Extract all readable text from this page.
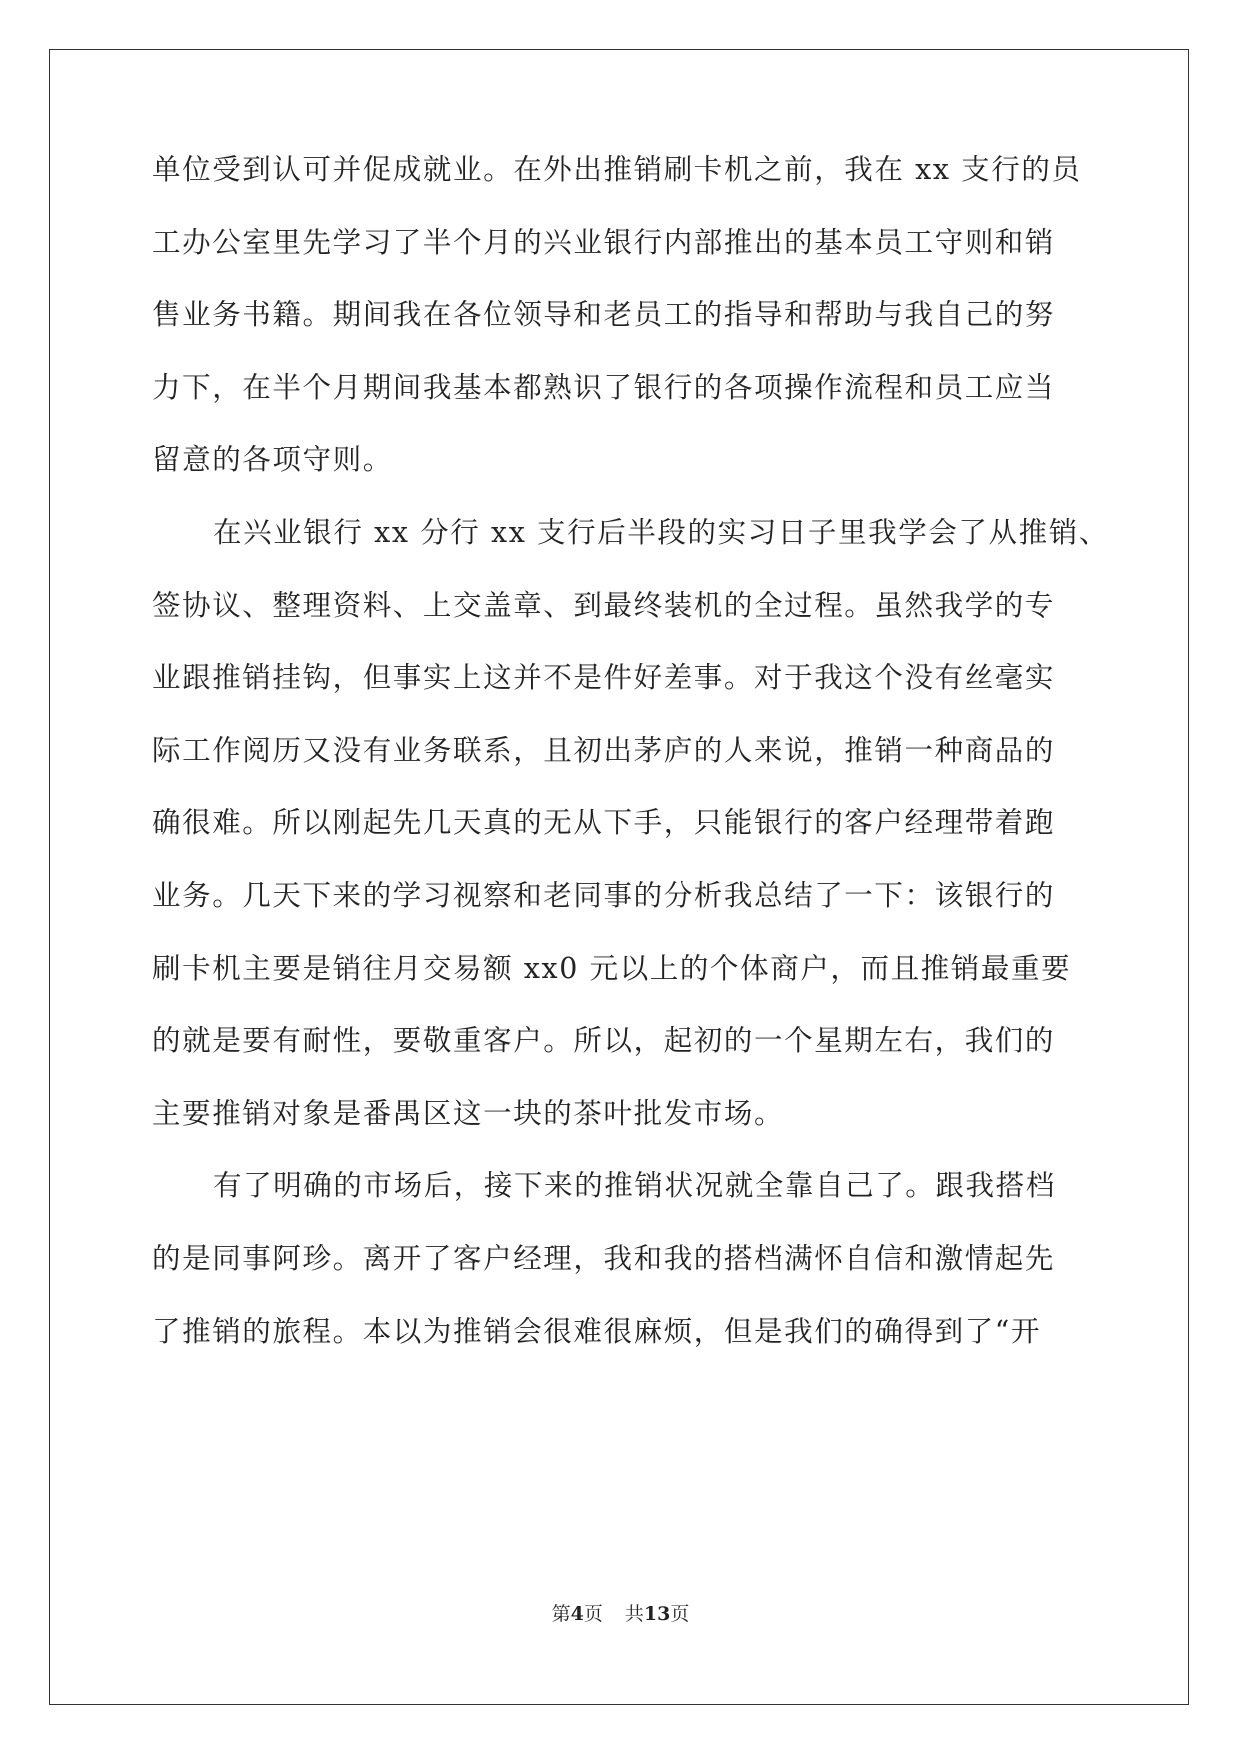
单位受到认可并促成就业。在外出推销刷卡机之前，我在 xx 支行的员
工办公室里先学习了半个月的兴业银行内部推出的基本员工守则和销
售业务书籍。期间我在各位领导和老员工的指导和帮助与我自己的努
力下，在半个月期间我基本都熟识了银行的各项操作流程和员工应当
留意的各项守则。
在兴业银行 xx 分行 xx 支行后半段的实习日子里我学会了从推销、
签协议、整理资料、上交盖章、到最终装机的全过程。虽然我学的专
业跟推销挂钩，但事实上这并不是件好差事。对于我这个没有丝毫实
际工作阅历又没有业务联系，且初出茅庐的人来说，推销一种商品的
确很难。所以刚起先几天真的无从下手，只能银行的客户经理带着跑
业务。几天下来的学习视察和老同事的分析我总结了一下：该银行的
刷卡机主要是销往月交易额 xx0 元以上的个体商户，而且推销最重要
的就是要有耐性，要敬重客户。所以，起初的一个星期左右，我们的
主要推销对象是番禺区这一块的茶叶批发市场。
有了明确的市场后，接下来的推销状况就全靠自己了。跟我搭档
的是同事阿珍。离开了客户经理，我和我的搭档满怀自信和激情起先
了推销的旅程。本以为推销会很难很麻烦，但是我们的确得到了“开
第4页 共13页
